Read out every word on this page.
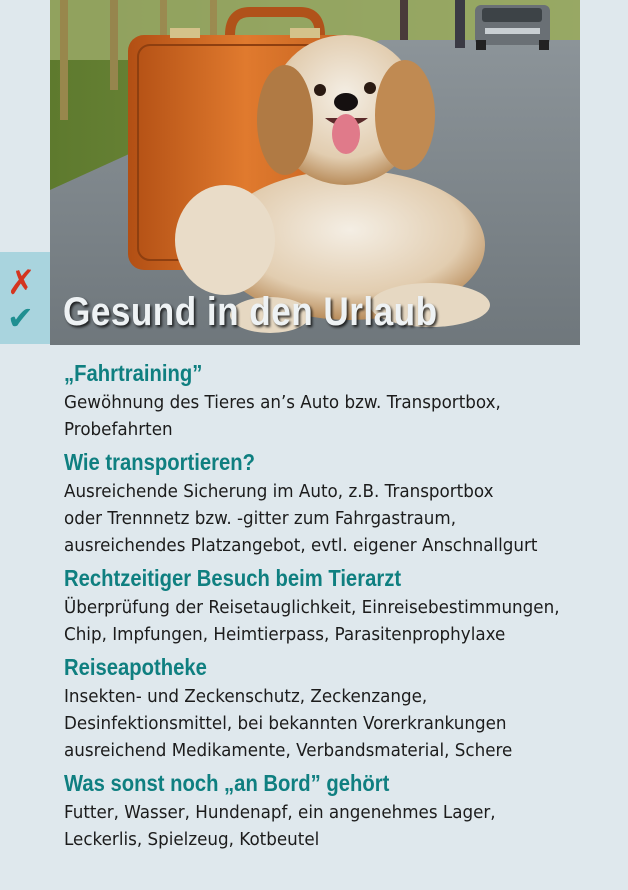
Gesund in den Urlaub
✗
✔
„Fahrtraining”

Gewöhnung des Tieres an’s Auto bzw. Transportbox,
Probefahrten

Wie transportieren?

Ausreichende Sicherung im Auto, z.B. Transportbox
oder Trennnetz bzw. -gitter zum Fahrgastraum,
ausreichendes Platzangebot, evtl. eigener Anschnallgurt

Rechtzeitiger Besuch beim Tierarzt

Überprüfung der Reisetauglichkeit, Einreisebestimmungen,
Chip, Impfungen, Heimtierpass, Parasitenprophylaxe

Reiseapotheke

Insekten- und Zeckenschutz, Zeckenzange,
Desinfektionsmittel, bei bekannten Vorerkrankungen
ausreichend Medikamente, Verbandsmaterial, Schere

Was sonst noch „an Bord” gehört

Futter, Wasser, Hundenapf, ein angenehmes Lager,
Leckerlis, Spielzeug, Kotbeutel
